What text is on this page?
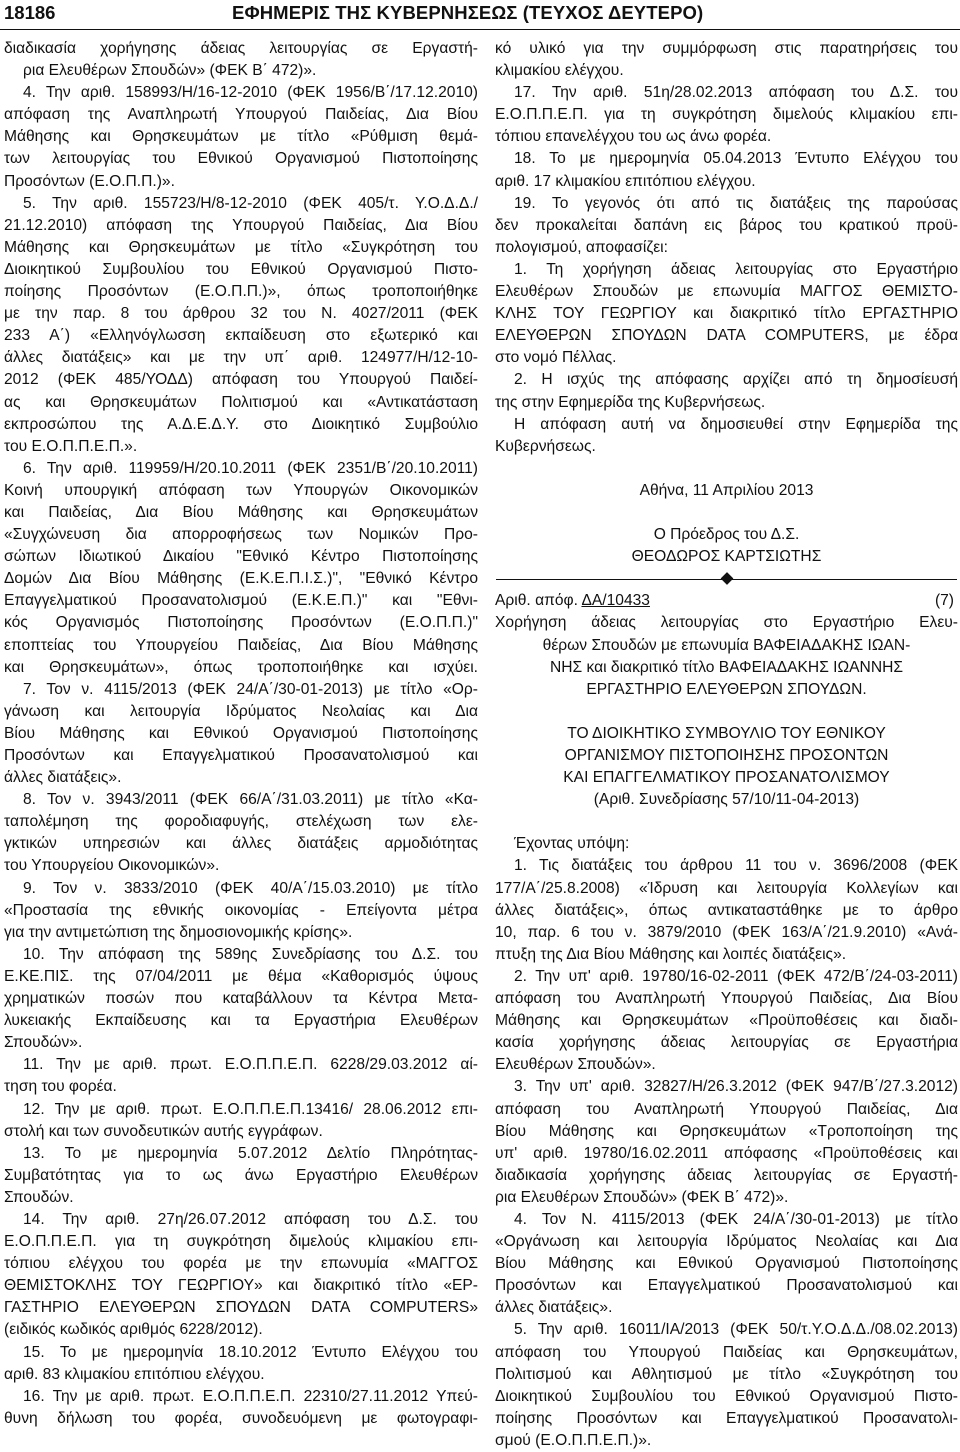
18186	ΕΦΗΜΕΡΙΣ ΤΗΣ ΚΥΒΕΡΝΗΣΕΩΣ (ΤΕΥΧΟΣ ΔΕΥΤΕΡΟ)
διαδικασία χορήγησης άδειας λειτουργίας σε Εργαστή-
ρια Ελευθέρων Σπουδών» (ΦΕΚ Β΄ 472)».
4. Την αριθ. 158993/Η/16-12-2010 (ΦΕΚ 1956/Β΄/17.12.2010)
απόφαση της Αναπληρωτή Υπουργού Παιδείας, Δια Βίου
Μάθησης και Θρησκευμάτων με τίτλο «Ρύθμιση θεμά-
των λειτουργίας του Εθνικού Οργανισμού Πιστοποίησης
Προσόντων (Ε.Ο.Π.Π.)».
5. Την αριθ. 155723/Η/8-12-2010 (ΦΕΚ 405/τ. Υ.Ο.Δ.Δ./
21.12.2010) απόφαση της Υπουργού Παιδείας, Δια Βίου
Μάθησης και Θρησκευμάτων με τίτλο «Συγκρότηση του
Διοικητικού Συμβουλίου του Εθνικού Οργανισμού Πιστο-
ποίησης Προσόντων (Ε.Ο.Π.Π.)», όπως τροποποιήθηκε
με την παρ. 8 του άρθρου 32 του Ν. 4027/2011 (ΦΕΚ
233 Α΄) «Ελληνόγλωσση εκπαίδευση στο εξωτερικό και
άλλες διατάξεις» και με την υπ΄ αριθ. 124977/Η/12-10-
2012 (ΦΕΚ 485/ΥΟΔΔ) απόφαση του Υπουργού Παιδεί-
ας και Θρησκευμάτων Πολιτισμού και «Αντικατάσταση
εκπροσώπου της Α.Δ.Ε.Δ.Υ. στο Διοικητικό Συμβούλιο
του Ε.Ο.Π.Π.Ε.Π.».
6. Την αριθ. 119959/Η/20.10.2011 (ΦΕΚ 2351/Β΄/20.10.2011)
Κοινή υπουργική απόφαση των Υπουργών Οικονομικών
και Παιδείας, Δια Βίου Μάθησης και Θρησκευμάτων
«Συγχώνευση δια απορροφήσεως των Νομικών Προ-
σώπων Ιδιωτικού Δικαίου "Εθνικό Κέντρο Πιστοποίησης
Δομών Δια Βίου Μάθησης (Ε.Κ.Ε.Π.Ι.Σ.)", "Εθνικό Κέντρο
Επαγγελματικού Προσανατολισμού (Ε.Κ.Ε.Π.)" και "Εθνι-
κός Οργανισμός Πιστοποίησης Προσόντων (Ε.Ο.Π.Π.)"
εποπτείας του Υπουργείου Παιδείας, Δια Βίου Μάθησης
και Θρησκευμάτων», όπως τροποποιήθηκε και ισχύει.
7. Τον ν. 4115/2013 (ΦΕΚ 24/Α΄/30-01-2013) με τίτλο «Ορ-
γάνωση και λειτουργία Ιδρύματος Νεολαίας και Δια
Βίου Μάθησης και Εθνικού Οργανισμού Πιστοποίησης
Προσόντων και Επαγγελματικού Προσανατολισμού και
άλλες διατάξεις».
8. Τον ν. 3943/2011 (ΦΕΚ 66/Α΄/31.03.2011) με τίτλο «Κα-
ταπολέμηση της φοροδιαφυγής, στελέχωση των ελε-
γκτικών υπηρεσιών και άλλες διατάξεις αρμοδιότητας
του Υπουργείου Οικονομικών».
9. Τον ν. 3833/2010 (ΦΕΚ 40/Α΄/15.03.2010) με τίτλο
«Προστασία της εθνικής οικονομίας - Επείγοντα μέτρα
για την αντιμετώπιση της δημοσιονομικής κρίσης».
10. Την απόφαση της 589ης Συνεδρίασης του Δ.Σ. του
Ε.ΚΕ.ΠΙΣ. της 07/04/2011 με θέμα «Καθορισμός ύψους
χρηματικών ποσών που καταβάλλουν τα Κέντρα Μετα-
λυκειακής Εκπαίδευσης και τα Εργαστήρια Ελευθέρων
Σπουδών».
11. Την με αριθ. πρωτ. Ε.Ο.Π.Π.Ε.Π. 6228/29.03.2012 αί-
τηση του φορέα.
12. Την με αριθ. πρωτ. Ε.Ο.Π.Π.Ε.Π.13416/ 28.06.2012 επι-
στολή και των συνοδευτικών αυτής εγγράφων.
13. Το με ημερομηνία 5.07.2012 Δελτίο Πληρότητας-
Συμβατότητας για το ως άνω Εργαστήριο Ελευθέρων
Σπουδών.
14. Την αριθ. 27η/26.07.2012 απόφαση του Δ.Σ. του
Ε.Ο.Π.Π.Ε.Π. για τη συγκρότηση διμελούς κλιμακίου επι-
τόπιου ελέγχου του φορέα με την επωνυμία «ΜΑΓΓΟΣ
ΘΕΜΙΣΤΟΚΛΗΣ ΤΟΥ ΓΕΩΡΓΙΟΥ» και διακριτικό τίτλο «ΕΡ-
ΓΑΣΤΗΡΙΟ ΕΛΕΥΘΕΡΩΝ ΣΠΟΥΔΩΝ DATA COMPUTERS»
(ειδικός κωδικός αριθμός 6228/2012).
15. Το με ημερομηνία 18.10.2012 Έντυπο Ελέγχου του
αριθ. 83 κλιμακίου επιτόπιου ελέγχου.
16. Την με αριθ. πρωτ. Ε.Ο.Π.Π.Ε.Π. 22310/27.11.2012 Υπεύ-
θυνη δήλωση του φορέα, συνοδευόμενη με φωτογραφι-
κό υλικό για την συμμόρφωση στις παρατηρήσεις του
κλιμακίου ελέγχου.
17. Την αριθ. 51η/28.02.2013 απόφαση του Δ.Σ. του
Ε.Ο.Π.Π.Ε.Π. για τη συγκρότηση διμελούς κλιμακίου επι-
τόπιου επανελέγχου του ως άνω φορέα.
18. Το με ημερομηνία 05.04.2013 Έντυπο Ελέγχου του
αριθ. 17 κλιμακίου επιτόπιου ελέγχου.
19. Το γεγονός ότι από τις διατάξεις της παρούσας
δεν προκαλείται δαπάνη εις βάρος του κρατικού προϋ-
πολογισμού, αποφασίζει:
1. Τη χορήγηση άδειας λειτουργίας στο Εργαστήριο
Ελευθέρων Σπουδών με επωνυμία ΜΑΓΓΟΣ ΘΕΜΙΣΤΟ-
ΚΛΗΣ ΤΟΥ ΓΕΩΡΓΙΟΥ και διακριτικό τίτλο ΕΡΓΑΣΤΗΡΙΟ
ΕΛΕΥΘΕΡΩΝ ΣΠΟΥΔΩΝ DATA COMPUTERS, με έδρα
στο νομό Πέλλας.
2. Η ισχύς της απόφασης αρχίζει από τη δημοσίευσή
της στην Εφημερίδα της Κυβερνήσεως.
Η απόφαση αυτή να δημοσιευθεί στην Εφημερίδα της
Κυβερνήσεως.
Αθήνα, 11 Απριλίου 2013
Ο Πρόεδρος του Δ.Σ.
ΘΕΟΔΩΡΟΣ ΚΑΡΤΣΙΩΤΗΣ
Αριθ. απόφ. ΔΑ/10433	(7)
Χορήγηση άδειας λειτουργίας στο Εργαστήριο Ελευ-
θέρων Σπουδών με επωνυμία ΒΑΦΕΙΑΔΑΚΗΣ ΙΩΑΝ-
ΝΗΣ και διακριτικό τίτλο ΒΑΦΕΙΑΔΑΚΗΣ ΙΩΑΝΝΗΣ
ΕΡΓΑΣΤΗΡΙΟ ΕΛΕΥΘΕΡΩΝ ΣΠΟΥΔΩΝ.
ΤΟ ΔΙΟΙΚΗΤΙΚΟ ΣΥΜΒΟΥΛΙΟ ΤΟΥ ΕΘΝΙΚΟΥ
ΟΡΓΑΝΙΣΜΟΥ ΠΙΣΤΟΠΟΙΗΣΗΣ ΠΡΟΣΟΝΤΩΝ
ΚΑΙ ΕΠΑΓΓΕΛΜΑΤΙΚΟΥ ΠΡΟΣΑΝΑΤΟΛΙΣΜΟΥ
(Αριθ. Συνεδρίασης 57/10/11-04-2013)
Έχοντας υπόψη:
1. Τις διατάξεις του άρθρου 11 του ν. 3696/2008 (ΦΕΚ
177/Α΄/25.8.2008) «Ίδρυση και λειτουργία Κολλεγίων και
άλλες διατάξεις», όπως αντικαταστάθηκε με το άρθρο
10, παρ. 6 του ν. 3879/2010 (ΦΕΚ 163/Α΄/21.9.2010) «Ανά-
πτυξη της Δια Βίου Μάθησης και λοιπές διατάξεις».
2. Την υπ' αριθ. 19780/16-02-2011 (ΦΕΚ 472/Β΄/24-03-2011)
απόφαση του Αναπληρωτή Υπουργού Παιδείας, Δια Βίου
Μάθησης και Θρησκευμάτων «Προϋποθέσεις και διαδι-
κασία χορήγησης άδειας λειτουργίας σε Εργαστήρια
Ελευθέρων Σπουδών».
3. Την υπ' αριθ. 32827/Η/26.3.2012 (ΦΕΚ 947/Β΄/27.3.2012)
απόφαση του Αναπληρωτή Υπουργού Παιδείας, Δια
Βίου Μάθησης και Θρησκευμάτων «Τροποποίηση της
υπ' αριθ. 19780/16.02.2011 απόφασης «Προϋποθέσεις και
διαδικασία χορήγησης άδειας λειτουργίας σε Εργαστή-
ρια Ελευθέρων Σπουδών» (ΦΕΚ Β΄ 472)».
4. Τον Ν. 4115/2013 (ΦΕΚ 24/Α΄/30-01-2013) με τίτλο
«Οργάνωση και λειτουργία Ιδρύματος Νεολαίας και Δια
Βίου Μάθησης και Εθνικού Οργανισμού Πιστοποίησης
Προσόντων και Επαγγελματικού Προσανατολισμού και
άλλες διατάξεις».
5. Την αριθ. 16011/ΙΑ/2013 (ΦΕΚ 50/τ.Υ.Ο.Δ.Δ./08.02.2013)
απόφαση του Υπουργού Παιδείας και Θρησκευμάτων,
Πολιτισμού και Αθλητισμού με τίτλο «Συγκρότηση του
Διοικητικού Συμβουλίου του Εθνικού Οργανισμού Πιστο-
ποίησης Προσόντων και Επαγγελματικού Προσανατολι-
σμού (Ε.Ο.Π.Π.Ε.Π.)».
